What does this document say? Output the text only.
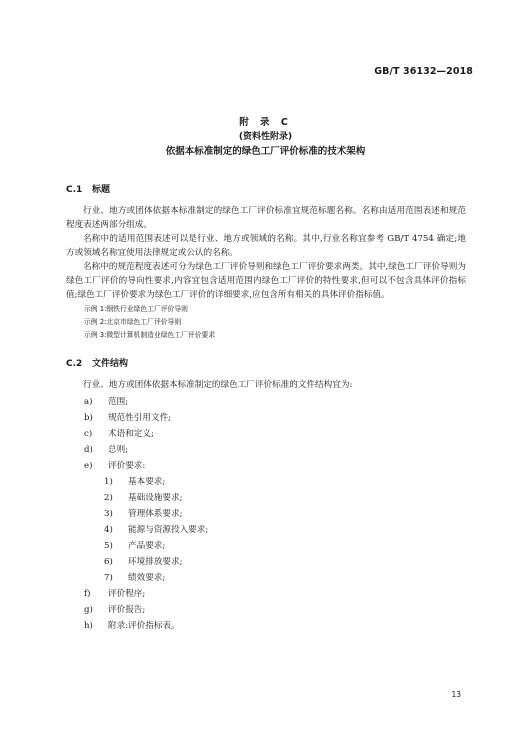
GB/T 36132—2018
附 录 C
(资料性附录)
依据本标准制定的绿色工厂评价标准的技术架构
C.1 标题

行业、地方或团体依据本标准制定的绿色工厂评价标准宜规范标题名称。名称由适用范围表述和规范程度表述两部分组成。

名称中的适用范围表述可以是行业、地方或领域的名称。其中,行业名称宜参考 GB/T 4754 确定;地方或领域名称宜使用法律规定或公认的名称。

名称中的规范程度表述可分为绿色工厂评价导则和绿色工厂评价要求两类。其中,绿色工厂评价导则为绿色工厂评价的导向性要求,内容宜包含适用范围内绿色工厂评价的特性要求,但可以不包含具体评价指标值;绿色工厂评价要求为绿色工厂评价的详细要求,应包含所有相关的具体评价指标值。

示例 1:钢铁行业绿色工厂评价导则
示例 2:北京市绿色工厂评价导则
示例 3:微型计算机制造业绿色工厂评价要求
C.2 文件结构

行业、地方或团体依据本标准制定的绿色工厂评价标准的文件结构宜为:

a) 范围;
b) 规范性引用文件;
c) 术语和定义;
d) 总则;
e) 评价要求:
1) 基本要求;
2) 基础设施要求;
3) 管理体系要求;
4) 能源与资源投入要求;
5) 产品要求;
6) 环境排放要求;
7) 绩效要求;
f) 评价程序;
g) 评价报告;
h) 附录:评价指标表。
13
